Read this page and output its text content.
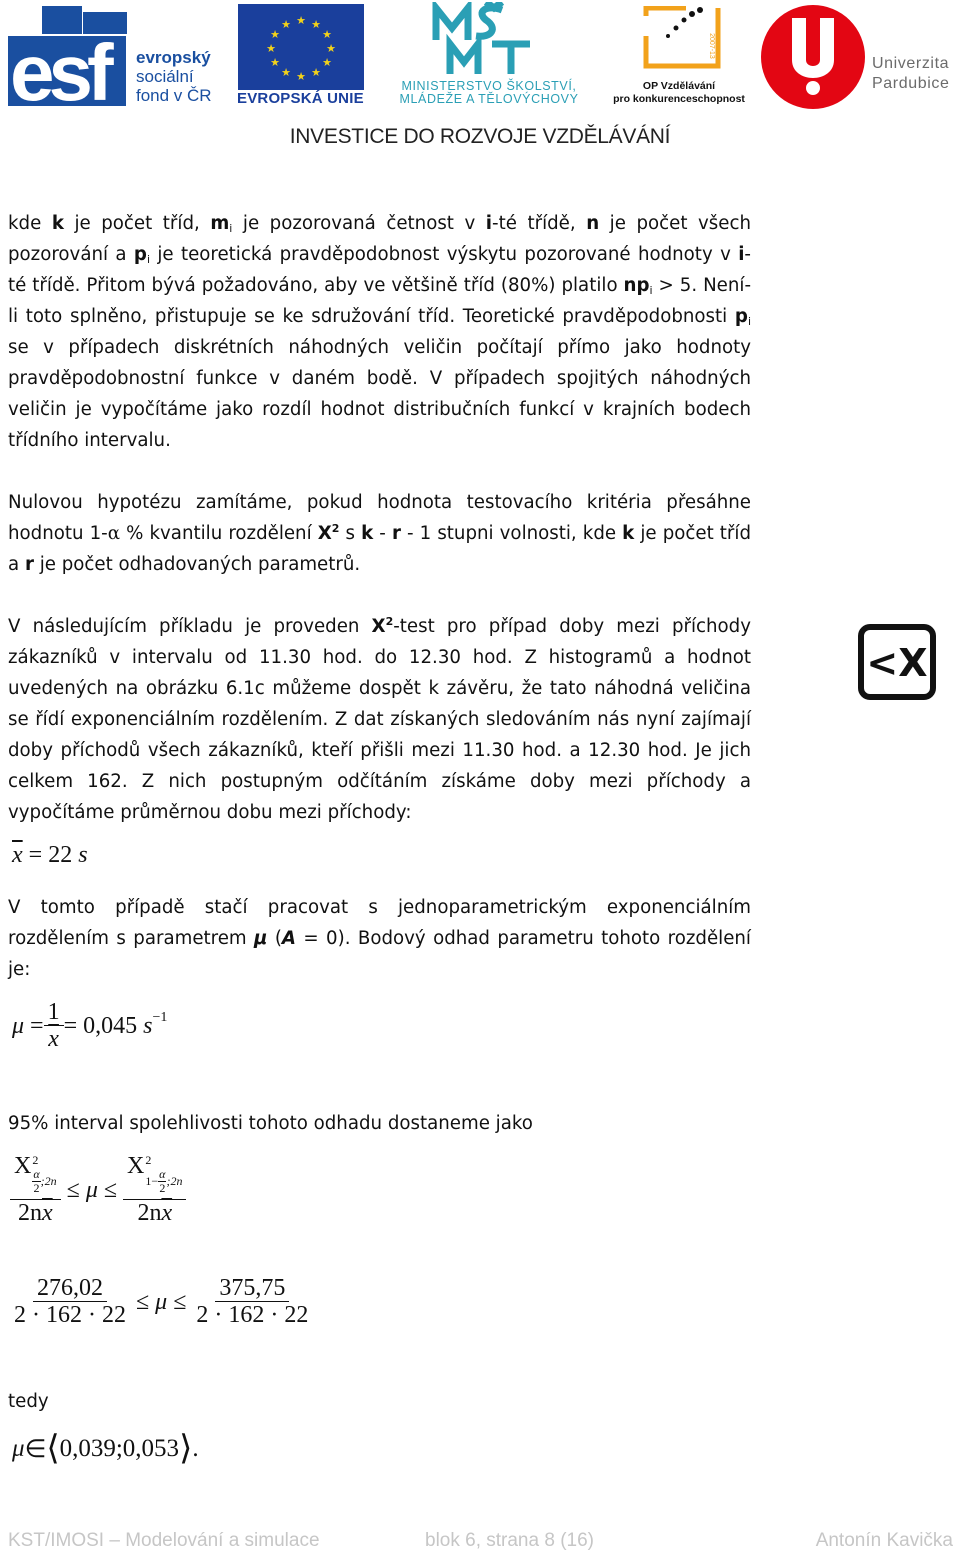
esf	evropský
sociální
fond v ČR
★ ★
★
★
★
★
★
★
★
★
★
★
EVROPSKÁ UNIE
MINISTERSTVO ŠKOLSTVÍ,
MLÁDEŽE A TĚLOVÝCHOVY
2007-13
OP Vzdělávání
pro konkurenceschopnost
Univerzita
Pardubice
INVESTICE DO ROZVOJE VZDĚLÁVÁNÍ

kde k je počet tříd, $m_i$ je pozorovaná četnost v i-té třídě, n je počet všech pozorování a $p_i$ je teoretická pravděpodobnost výskytu pozorované hodnoty v i-té třídě. Přitom bývá požadováno, aby ve většině tříd (80%) platilo $np_i > 5$. Není-li toto splněno, přistupuje se ke sdružování tříd. Teoretické pravděpodobnosti $p_i$ se v případech diskrétních náhodných veličin počítají přímo jako hodnoty pravděpodobnostní funkce v daném bodě. V případech spojitých náhodných veličin je vypočítáme jako rozdíl hodnot distribučních funkcí v krajních bodech třídního intervalu.

Nulovou hypotézu zamítáme, pokud hodnota testovacího kritéria přesáhne hodnotu 1-α % kvantilu rozdělení $X^2$ s k - r - 1 stupni volnosti, kde k je počet tříd a r je počet odhadovaných parametrů.

V následujícím příkladu je proveden $X^2$-test pro případ doby mezi příchody zákazníků v intervalu od 11.30 hod. do 12.30 hod. Z histogramů a hodnot uvedených na obrázku 6.1c můžeme dospět k závěru, že tato náhodná veličina se řídí exponenciálním rozdělením. Z dat získaných sledováním nás nyní zajímají doby příchodů všech zákazníků, kteří přišli mezi 11.30 hod. a 12.30 hod. Je jich celkem 162. Z nich postupným odčítáním získáme doby mezi příchody a vypočítáme průměrnou dobu mezi příchody:

<X
$\overline{x} = 22$ s

V tomto případě stačí pracovat s jednoparametrickým exponenciálním rozdělením s parametrem μ (A = 0). Bodový odhad parametru tohoto rozdělení je:

μ
= $\frac{1}{x}$ =
0,045
$s^{-1}$

95% interval spolehlivosti tohoto odhadu dostaneme jako

Χ 2
$\frac{\alpha}{2}$ ;2n
$2n\overline{x}$
≤
μ
≤
Χ 2
$1- \frac{\alpha}{2}$ ;2n
$2n\overline{x}$
$\frac{276,02}{2 \cdot 162 \cdot 22}$
≤
μ
≤
$\frac{375,75}{2 \cdot 162 \cdot 22}$

tedy

μ ∈ ⟨ 0,039;0,053 ⟩ .
KST/IMOSI – Modelování a simulace	blok 6, strana 8 (16)	Antonín Kavička
